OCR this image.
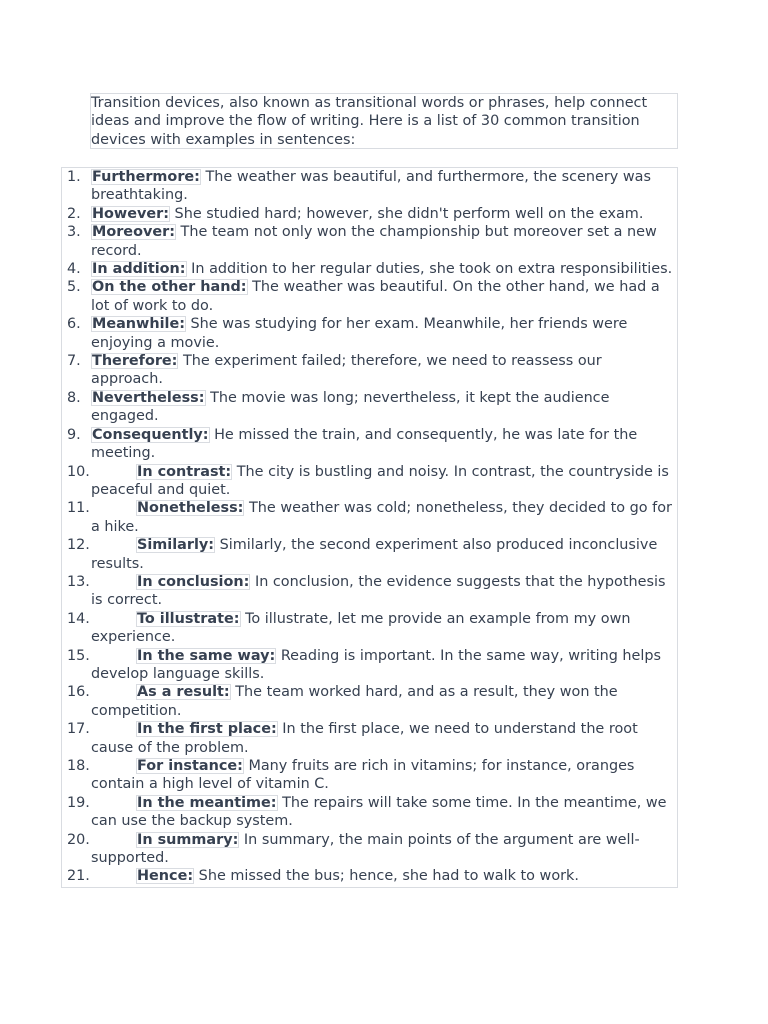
Transition devices, also known as transitional words or phrases, help connect ideas and improve the flow of writing. Here is a list of 30 common transition devices with examples in sentences:

1. Furthermore: The weather was beautiful, and furthermore, the scenery was breathtaking.
2. However: She studied hard; however, she didn't perform well on the exam.
3. Moreover: The team not only won the championship but moreover set a new record.
4. In addition: In addition to her regular duties, she took on extra responsibilities.
5. On the other hand: The weather was beautiful. On the other hand, we had a lot of work to do.
6. Meanwhile: She was studying for her exam. Meanwhile, her friends were enjoying a movie.
7. Therefore: The experiment failed; therefore, we need to reassess our approach.
8. Nevertheless: The movie was long; nevertheless, it kept the audience engaged.
9. Consequently: He missed the train, and consequently, he was late for the meeting.
10.	In contrast: The city is bustling and noisy. In contrast, the countryside is peaceful and quiet.
11.	Nonetheless: The weather was cold; nonetheless, they decided to go for a hike.
12.	Similarly: Similarly, the second experiment also produced inconclusive results.
13.	In conclusion: In conclusion, the evidence suggests that the hypothesis is correct.
14.	To illustrate: To illustrate, let me provide an example from my own experience.
15.	In the same way: Reading is important. In the same way, writing helps develop language skills.
16.	As a result: The team worked hard, and as a result, they won the competition.
17.	In the first place: In the first place, we need to understand the root cause of the problem.
18.	For instance: Many fruits are rich in vitamins; for instance, oranges contain a high level of vitamin C.
19.	In the meantime: The repairs will take some time. In the meantime, we can use the backup system.
20.	In summary: In summary, the main points of the argument are well-supported.
21.	Hence: She missed the bus; hence, she had to walk to work.
